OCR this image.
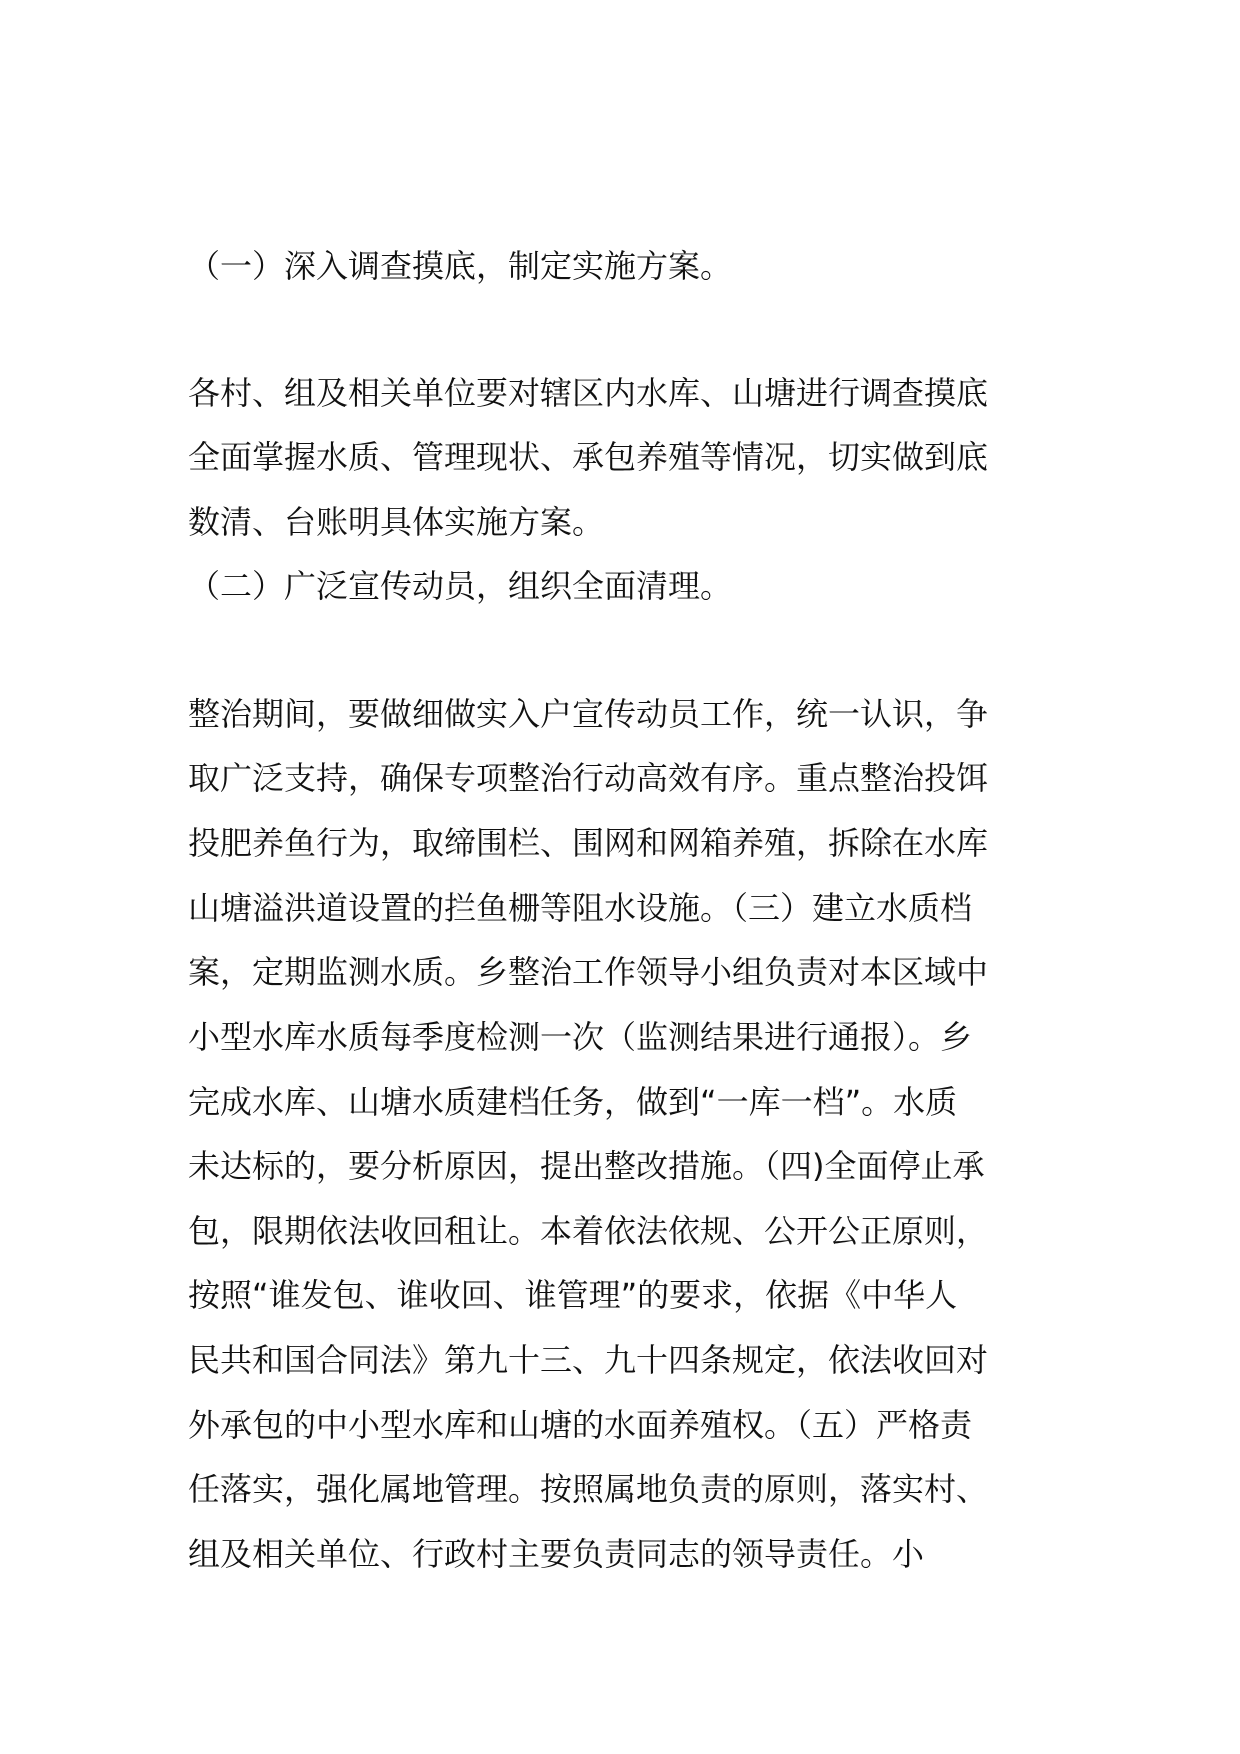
（一）深入调查摸底，制定实施方案。

各村、组及相关单位要对辖区内水库、山塘进行调查摸底

全面掌握水质、管理现状、承包养殖等情况，切实做到底

数清、台账明具体实施方案。

（二）广泛宣传动员，组织全面清理。

整治期间，要做细做实入户宣传动员工作，统一认识，争

取广泛支持，确保专项整治行动高效有序。重点整治投饵

投肥养鱼行为，取缔围栏、围网和网箱养殖，拆除在水库

山塘溢洪道设置的拦鱼栅等阻水设施。（三）建立水质档

案，定期监测水质。乡整治工作领导小组负责对本区域中

小型水库水质每季度检测一次（监测结果进行通报）。乡

完成水库、山塘水质建档任务，做到“一库一档”。水质

未达标的，要分析原因，提出整改措施。（四)全面停止承

包，限期依法收回租让。本着依法依规、公开公正原则，

按照“谁发包、谁收回、谁管理”的要求，依据《中华人

民共和国合同法》第九十三、九十四条规定，依法收回对

外承包的中小型水库和山塘的水面养殖权。（五）严格责

任落实，强化属地管理。按照属地负责的原则，落实村、

组及相关单位、行政村主要负责同志的领导责任。小
